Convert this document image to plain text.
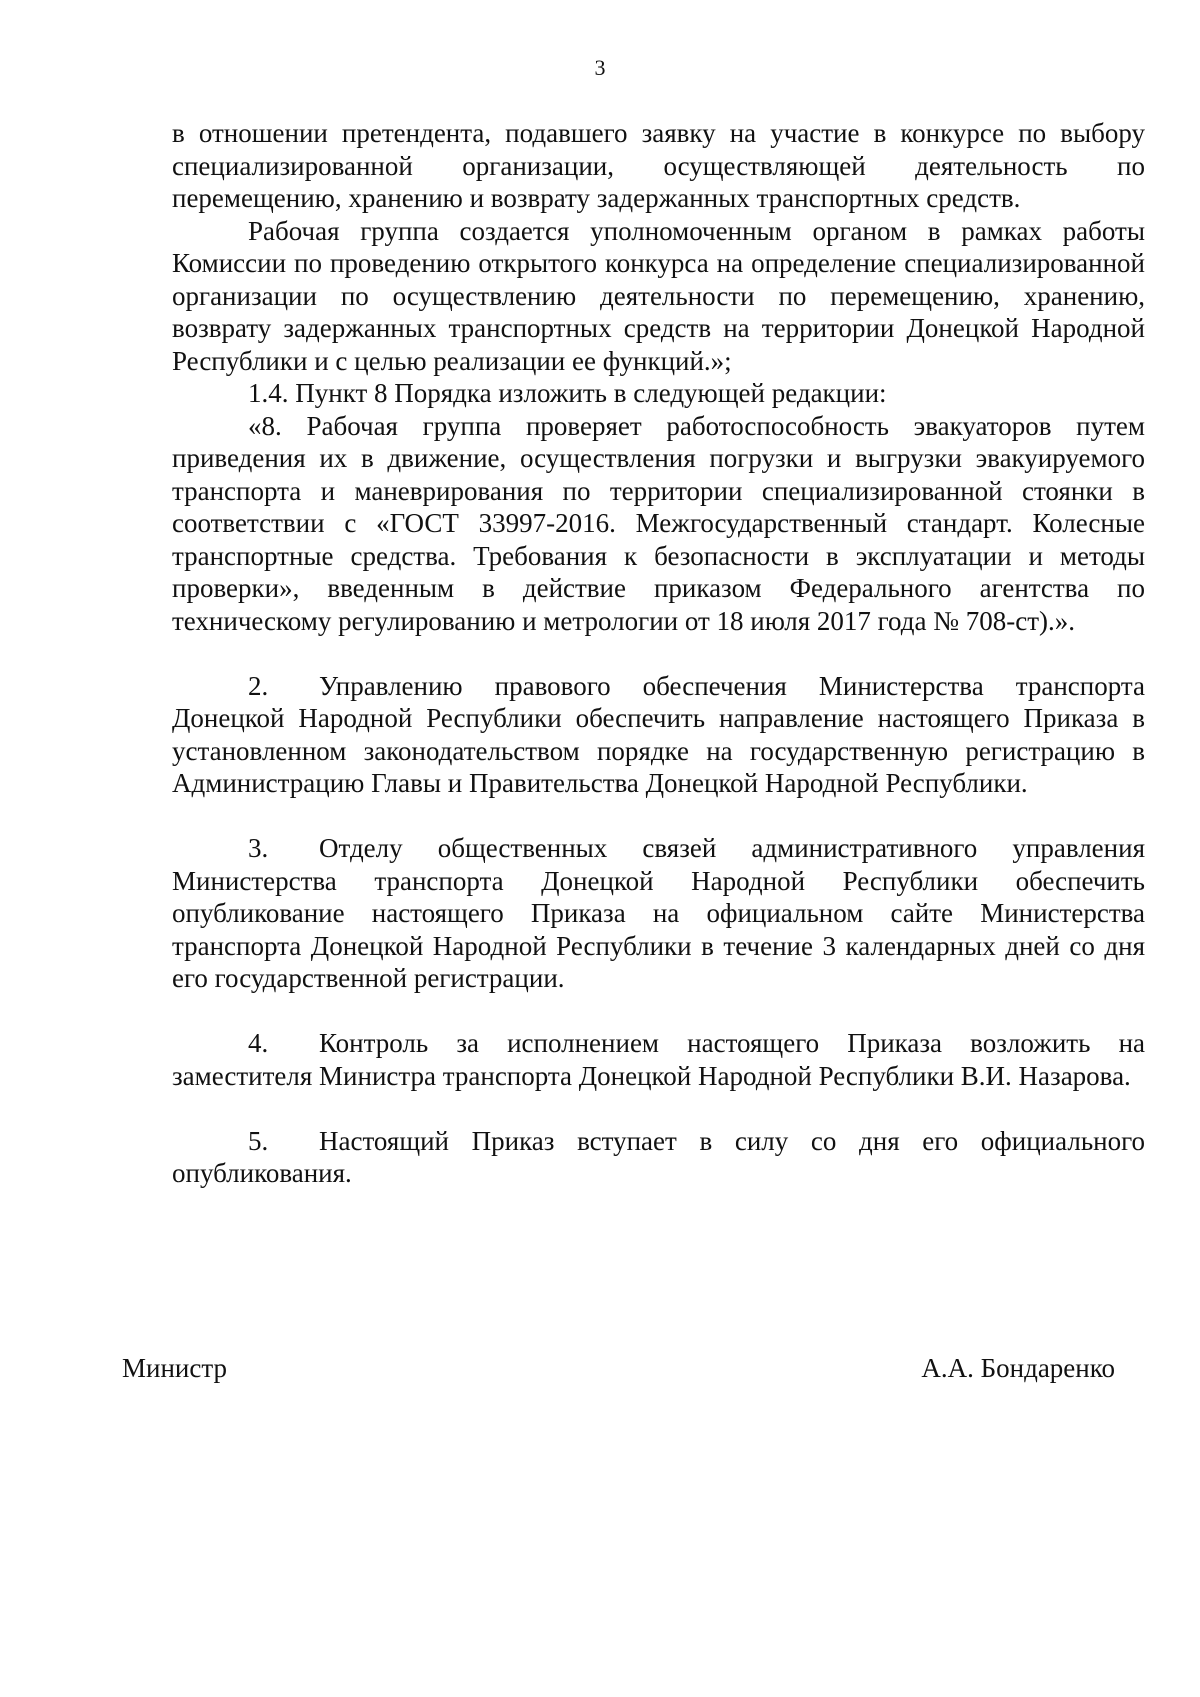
3

в отношении претендента, подавшего заявку на участие в конкурсе по выбору специализированной организации, осуществляющей деятельность по перемещению, хранению и возврату задержанных транспортных средств.

Рабочая группа создается уполномоченным органом в рамках работы Комиссии по проведению открытого конкурса на определение специализированной организации по осуществлению деятельности по перемещению, хранению, возврату задержанных транспортных средств на территории Донецкой Народной Республики и с целью реализации ее функций.»;

1.4. Пункт 8 Порядка изложить в следующей редакции:

«8. Рабочая группа проверяет работоспособность эвакуаторов путем приведения их в движение, осуществления погрузки и выгрузки эвакуируемого транспорта и маневрирования по территории специализированной стоянки в соответствии с «ГОСТ 33997-2016. Межгосударственный стандарт. Колесные транспортные средства. Требования к безопасности в эксплуатации и методы проверки», введенным в действие приказом Федерального агентства по техническому регулированию и метрологии от 18 июля 2017 года № 708-ст).».

2. Управлению правового обеспечения Министерства транспорта Донецкой Народной Республики обеспечить направление настоящего Приказа в установленном законодательством порядке на государственную регистрацию в Администрацию Главы и Правительства Донецкой Народной Республики.

3. Отделу общественных связей административного управления Министерства транспорта Донецкой Народной Республики обеспечить опубликование настоящего Приказа на официальном сайте Министерства транспорта Донецкой Народной Республики в течение 3 календарных дней со дня его государственной регистрации.

4. Контроль за исполнением настоящего Приказа возложить на заместителя Министра транспорта Донецкой Народной Республики В.И. Назарова.

5. Настоящий Приказ вступает в силу со дня его официального опубликования.

Министр	А.А. Бондаренко
